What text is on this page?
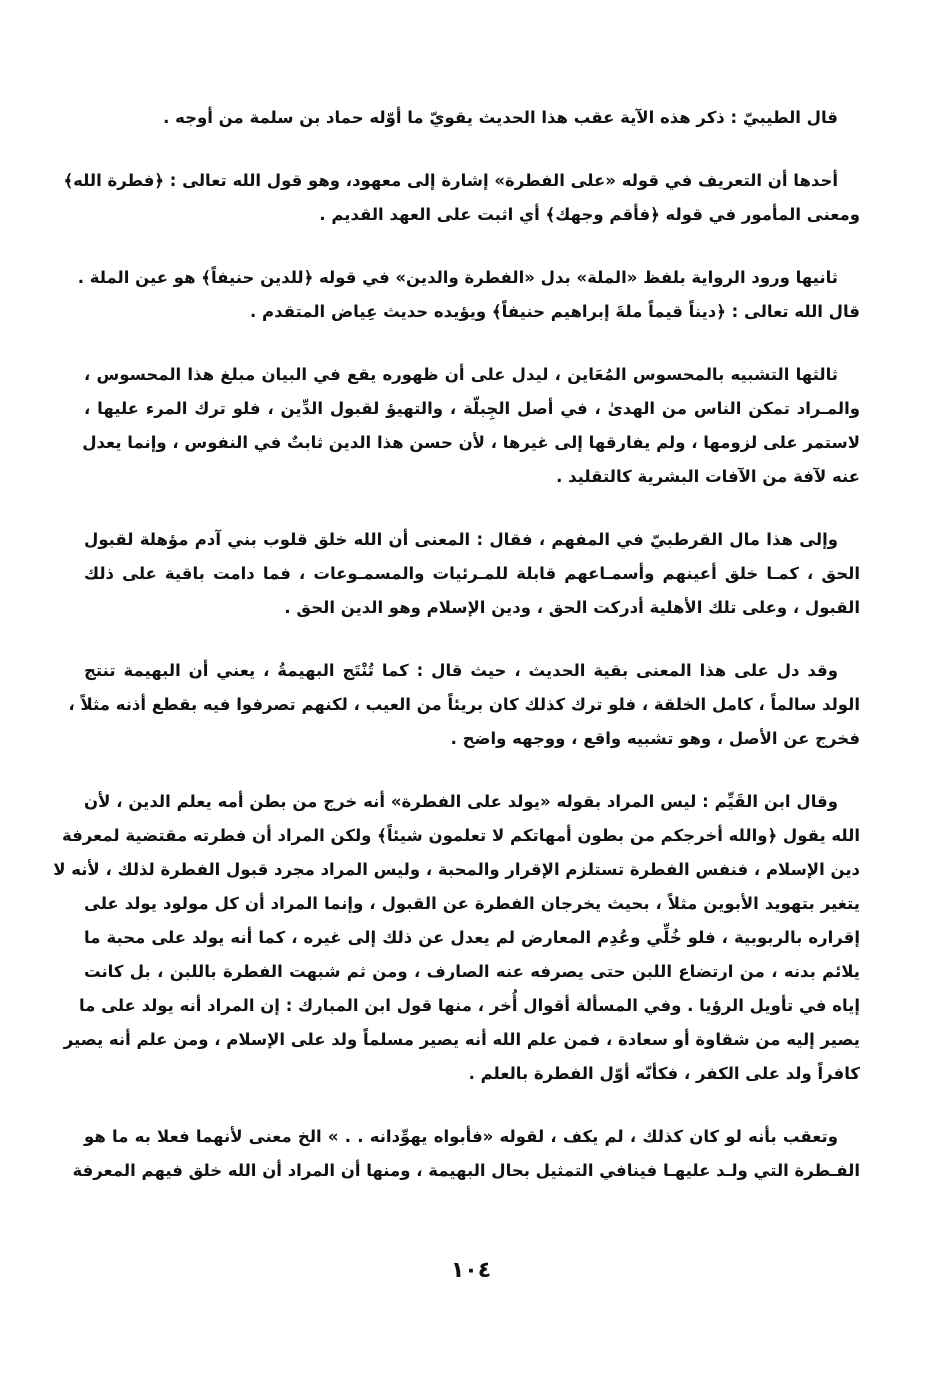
قال الطيبيّ : ذكر هذه الآية عقب هذا الحديث يقويّ ما أوّله حماد بن سلمة من أوجه .
أحدها أن التعريف في قوله «على الفطرة» إشارة إلى معهود، وهو قول الله تعالى : ﴿فطرة الله﴾
ومعنى المأمور في قوله ﴿فأقم وجهك﴾ أي اثبت على العهد القديم .
ثانيها ورود الرواية بلفظ «الملة» بدل «الفطرة والدين» في قوله ﴿للدين حنيفاً﴾ هو عين الملة .
قال الله تعالى : ﴿ديناً قيماً ملةَ إبراهيم حنيفاً﴾ ويؤيده حديث عِياض المتقدم .
ثالثها التشبيه بالمحسوس المُعَاين ، ليدل على أن ظهوره يقع في البيان مبلغ هذا المحسوس ،
والمـراد تمكن الناس من الهدىٰ ، في أصل الجِبلّة ، والتهيؤ لقبول الدِّين ، فلو ترك المرء عليها ،
لاستمر على لزومها ، ولم يفارقها إلى غيرها ، لأن حسن هذا الدين ثابتٌ في النفوس ، وإنما يعدل
عنه لآفة من الآفات البشرية كالتقليد .
وإلى هذا مال القرطبيّ في المفهم ، فقال : المعنى أن الله خلق قلوب بني آدم مؤهلة لقبول
الحق ، كمـا خلق أعينهم وأسمـاعهم قابلة للمـرئيات والمسمـوعات ، فما دامت باقية على ذلك
القبول ، وعلى تلك الأهلية أدركت الحق ، ودين الإسلام وهو الدين الحق .
وقد دل على هذا المعنى بقية الحديث ، حيث قال : كما تُنْتَج البهيمةُ ، يعني أن البهيمة تنتج
الولد سالماً ، كامل الخلقة ، فلو ترك كذلك كان بريئاً من العيب ، لكنهم تصرفوا فيه بقطع أذنه مثلاً ،
فخرج عن الأصل ، وهو تشبيه واقع ، ووجهه واضح .
وقال ابن القَيِّم : ليس المراد بقوله «يولد على الفطرة» أنه خرج من بطن أمه يعلم الدين ، لأن
الله يقول ﴿والله أخرجكم من بطون أمهاتكم لا تعلمون شيئاً﴾ ولكن المراد أن فطرته مقتضية لمعرفة
دين الإسلام ، فنفس الفطرة تستلزم الإقرار والمحبة ، وليس المراد مجرد قبول الفطرة لذلك ، لأنه لا
يتغير بتهويد الأبوين مثلاً ، بحيث يخرجان الفطرة عن القبول ، وإنما المراد أن كل مولود يولد على
إقراره بالربوبية ، فلو خُلِّي وعُدِم المعارض لم يعدل عن ذلك إلى غيره ، كما أنه يولد على محبة ما
يلائم بدنه ، من ارتضاع اللبن حتى يصرفه عنه الصارف ، ومن ثم شبهت الفطرة باللبن ، بل كانت
إياه في تأويل الرؤيا . وفي المسألة أقوال أُخر ، منها قول ابن المبارك : إن المراد أنه يولد على ما
يصير إليه من شقاوة أو سعادة ، فمن علم الله أنه يصير مسلماً ولد على الإسلام ، ومن علم أنه يصير
كافراً ولد على الكفر ، فكأنّه أوّل الفطرة بالعلم .
وتعقب بأنه لو كان كذلك ، لم يكف ، لقوله «فأبواه يهوِّدانه . . » الخ معنى لأنهما فعلا به ما هو
الفـطرة التي ولـد عليهـا فينافي التمثيل بحال البهيمة ، ومنها أن المراد أن الله خلق فيهم المعرفة
١٠٤
